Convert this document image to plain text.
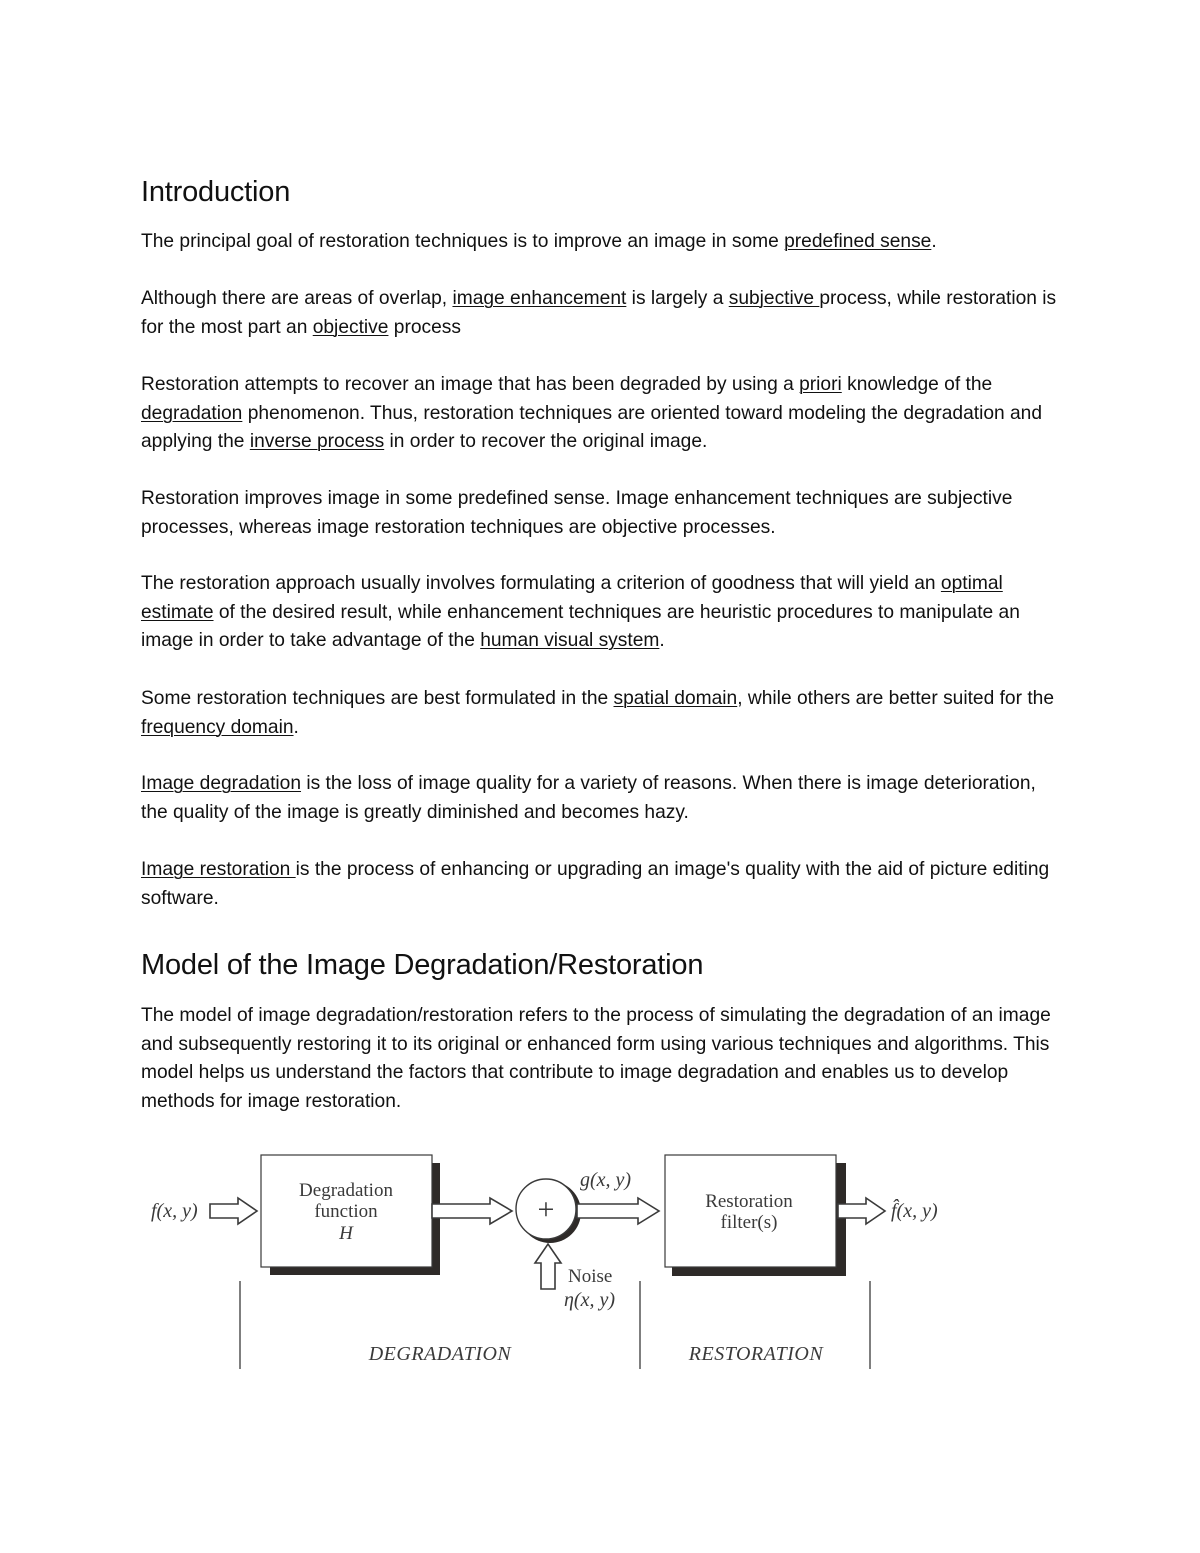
Introduction

The principal goal of restoration techniques is to improve an image in some predefined sense.

Although there are areas of overlap, image enhancement is largely a subjective process, while restoration is for the most part an objective process

Restoration attempts to recover an image that has been degraded by using a priori knowledge of the degradation phenomenon. Thus, restoration techniques are oriented toward modeling the degradation and applying the inverse process in order to recover the original image.

Restoration improves image in some predefined sense. Image enhancement techniques are subjective processes, whereas image restoration techniques are objective processes.

The restoration approach usually involves formulating a criterion of goodness that will yield an optimal estimate of the desired result, while enhancement techniques are heuristic procedures to manipulate an image in order to take advantage of the human visual system.

Some restoration techniques are best formulated in the spatial domain, while others are better suited for the frequency domain.

Image degradation is the loss of image quality for a variety of reasons. When there is image deterioration, the quality of the image is greatly diminished and becomes hazy.

Image restoration is the process of enhancing or upgrading an image's quality with the aid of picture editing software.

Model of the Image Degradation/Restoration

The model of image degradation/restoration refers to the process of simulating the degradation of an image and subsequently restoring it to its original or enhanced form using various techniques and algorithms. This model helps us understand the factors that contribute to image degradation and enables us to develop methods for image restoration.

f(x, y)
Degradation
function
H
+
g(x, y)
Noise
η(x, y)
Restoration
filter(s)
f̂(x, y)
DEGRADATION	RESTORATION
